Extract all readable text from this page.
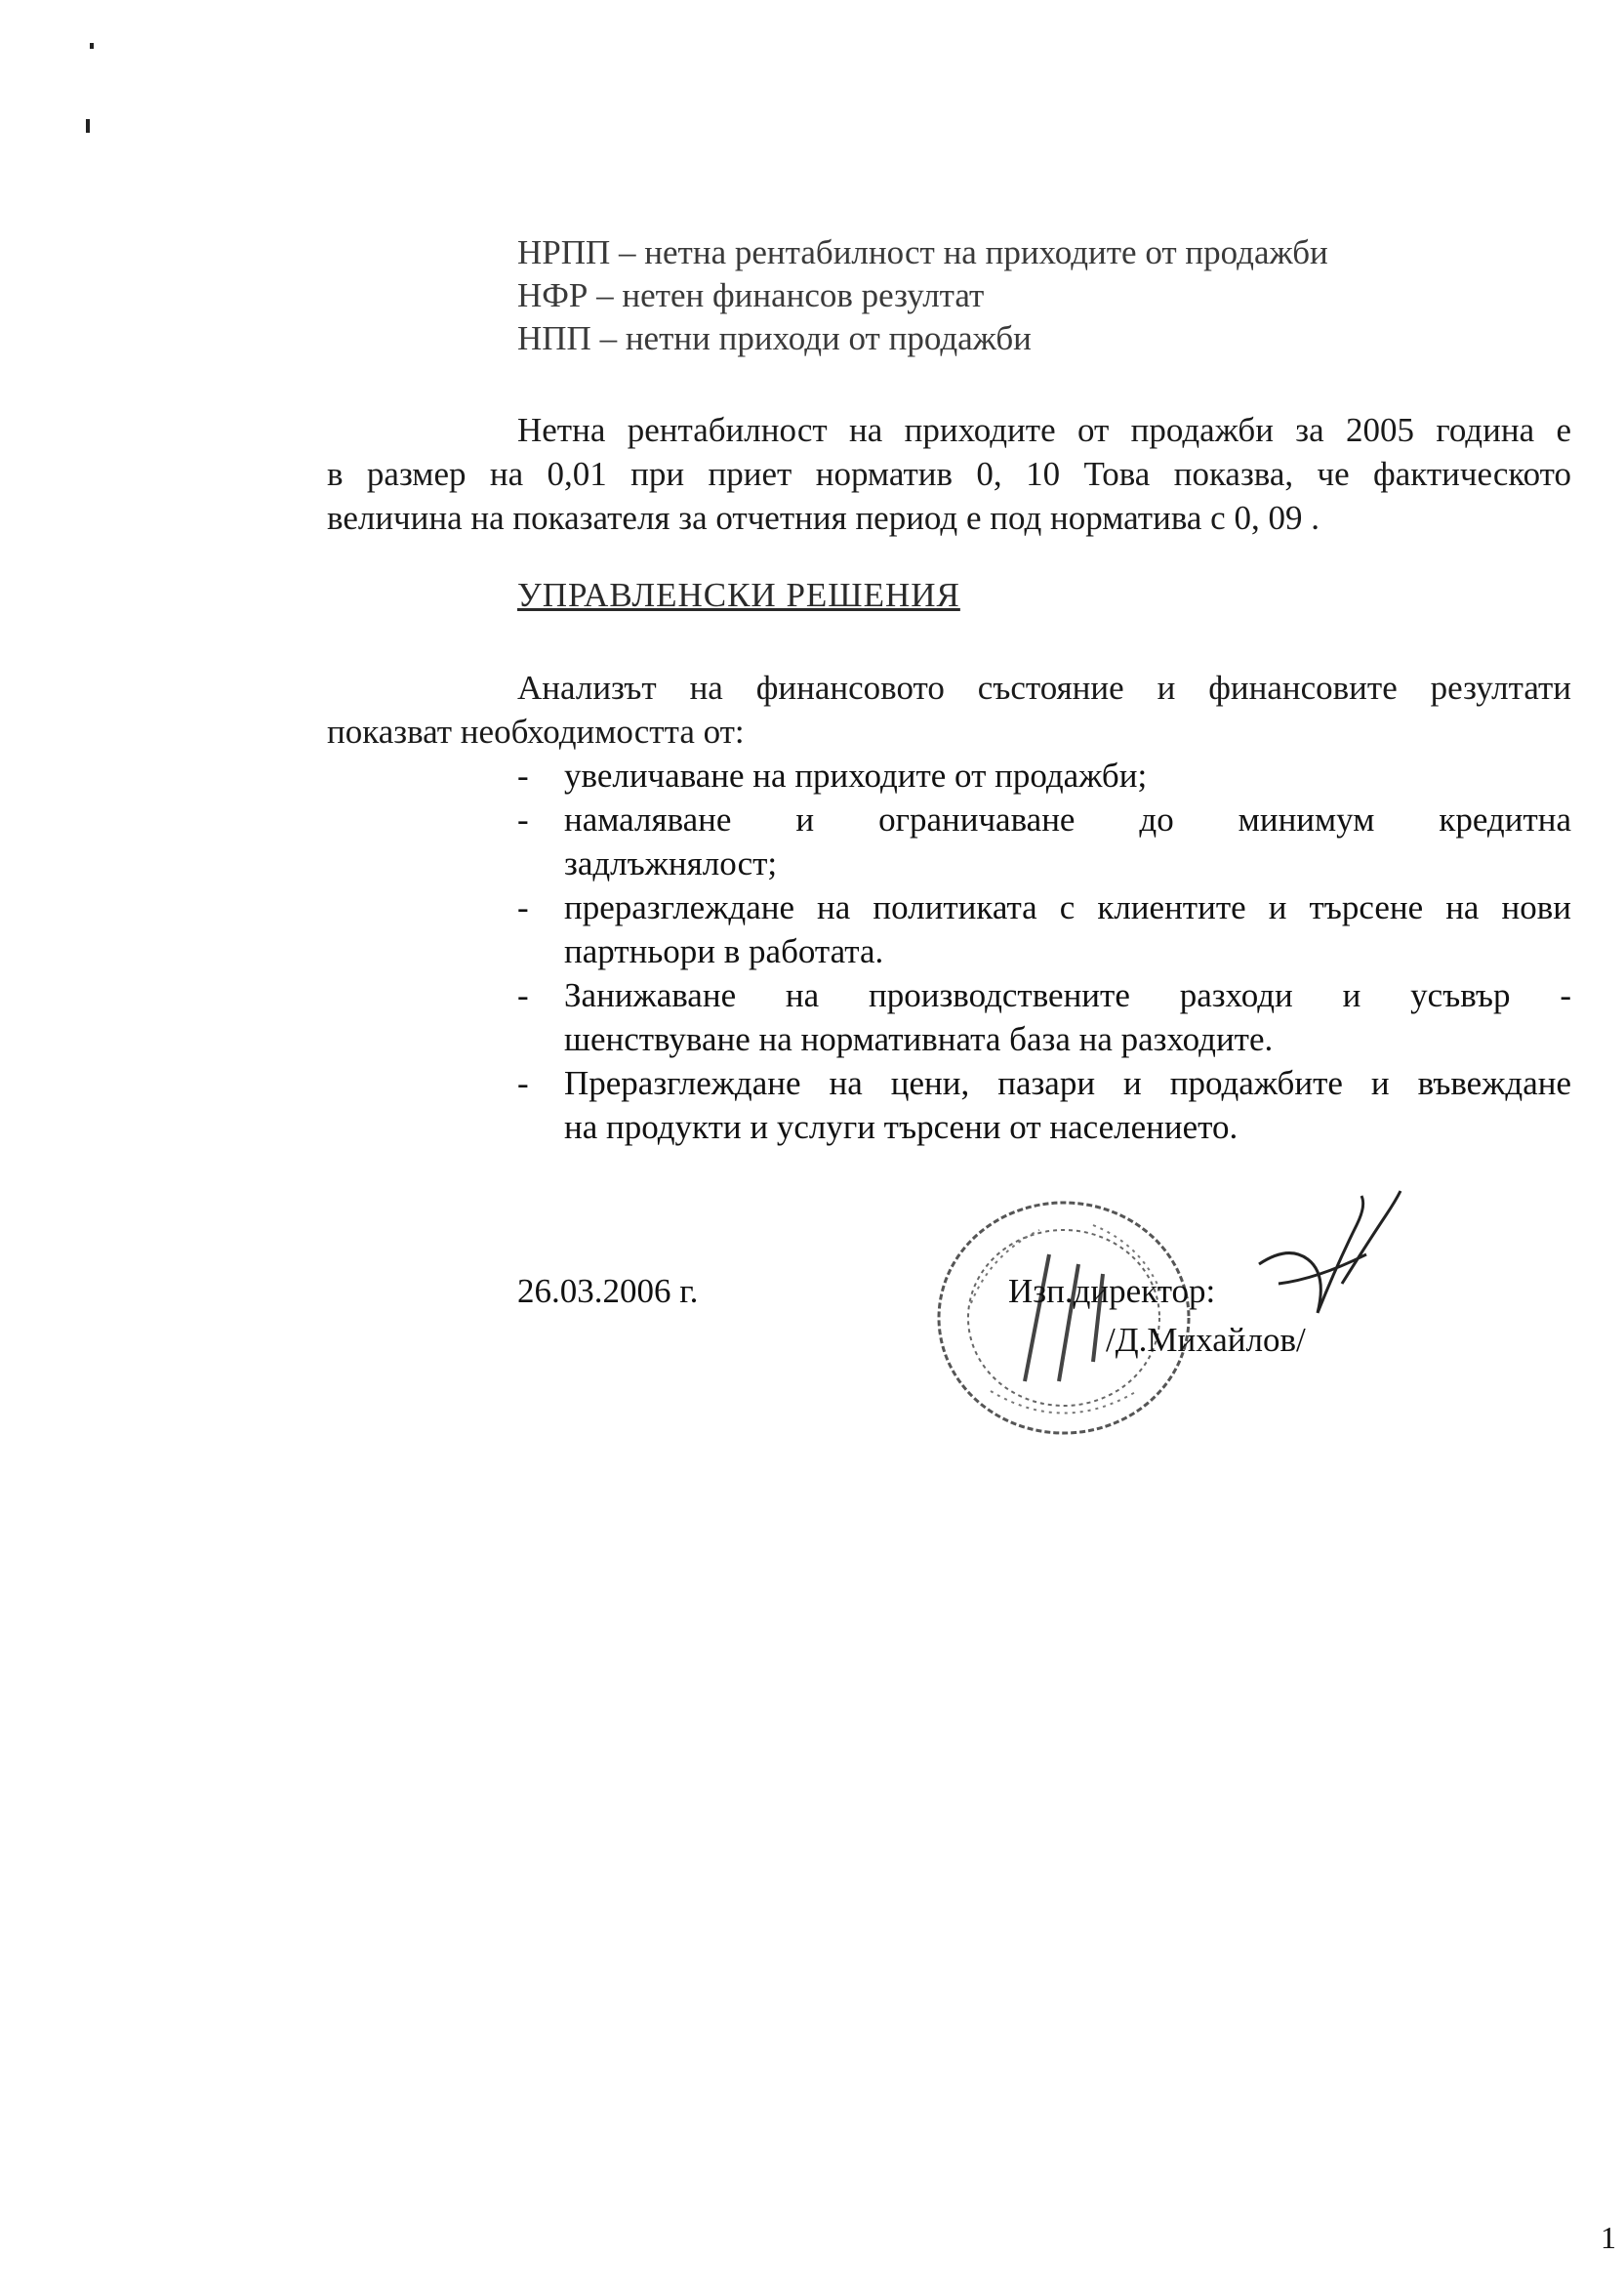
НРПП – нетна рентабилност на приходите от продажби
НФР – нетен финансов резултат
НПП – нетни приходи от продажби
Нетна рентабилност на приходите от продажби за 2005 година е
в размер на 0,01 при приет норматив 0, 10 Това показва, че фактическото
величина на показателя за отчетния период е под норматива с 0, 09 .
УПРАВЛЕНСКИ РЕШЕНИЯ
Анализът на финансовото състояние и финансовите резултати
показват необходимостта от:
- увеличаване на приходите от продажби;
- намаляване и ограничаване до минимум кредитна
задлъжнялост;
- преразглеждане на политиката с клиентите и търсене на нови
партньори в работата.
- Занижаване на производствените разходи и усъвър -
шенствуване на нормативната база на разходите.
- Преразглеждане на цени, пазари и продажбите и въвеждане
на продукти и услуги търсени от населението.
26.03.2006 г.	Изп.директор:
/Д.Михайлов/
1
